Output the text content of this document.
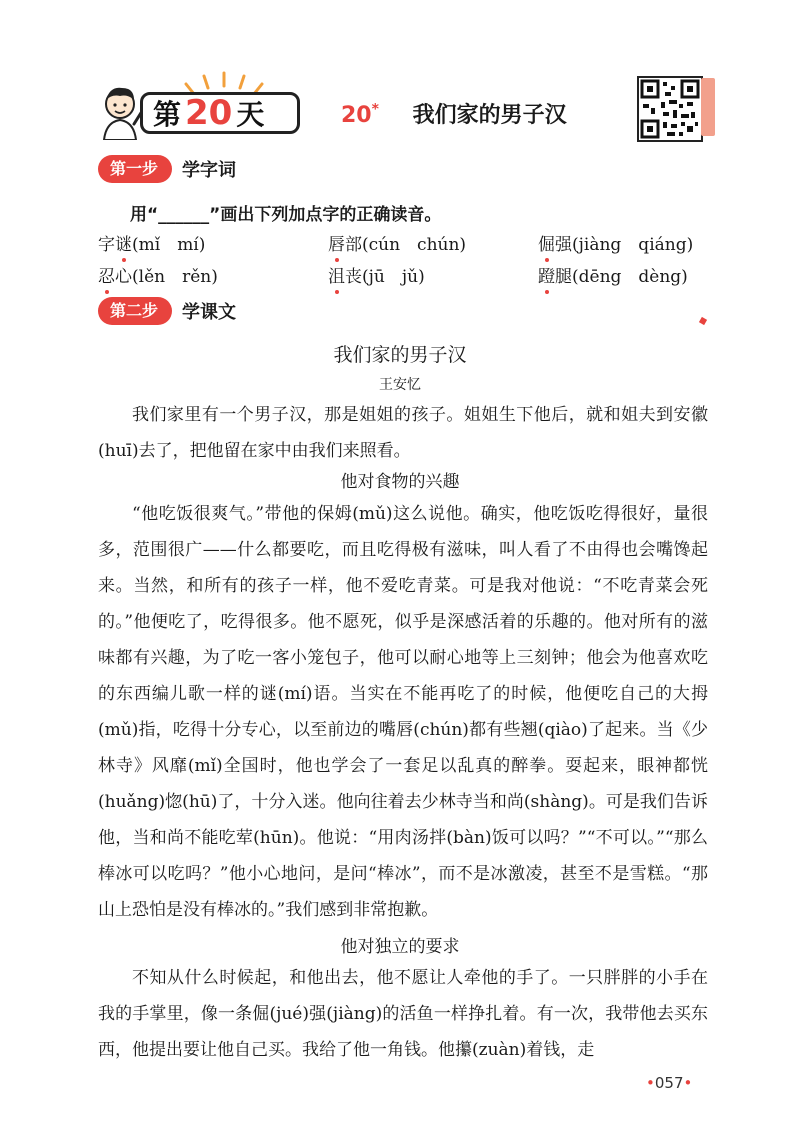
第 20 天	20* 我们家的男子汉
第一步	学字词
用“______”画出下列加点字的正确读音。
字谜(mǐ　mí)	唇部(cún　chún)	倔强(jiàng　qiáng)
忍心(lěn　rěn)	沮丧(jū　jǔ)	蹬腿(dēng　dèng)
第二步	学课文
我们家的男子汉
王安忆
我们家里有一个男子汉，那是姐姐的孩子。姐姐生下他后，就和姐夫到安徽(huī)去了，把他留在家中由我们来照看。
他对食物的兴趣
“他吃饭很爽气。”带他的保姆(mǔ)这么说他。确实，他吃饭吃得很好，量很多，范围很广——什么都要吃，而且吃得极有滋味，叫人看了不由得也会嘴馋起来。当然，和所有的孩子一样，他不爱吃青菜。可是我对他说：“不吃青菜会死的。”他便吃了，吃得很多。他不愿死，似乎是深感活着的乐趣的。他对所有的滋味都有兴趣，为了吃一客小笼包子，他可以耐心地等上三刻钟；他会为他喜欢吃的东西编儿歌一样的谜(mí)语。当实在不能再吃了的时候，他便吃自己的大拇(mǔ)指，吃得十分专心，以至前边的嘴唇(chún)都有些翘(qiào)了起来。当《少林寺》风靡(mǐ)全国时，他也学会了一套足以乱真的醉拳。耍起来，眼神都恍(huǎng)惚(hū)了，十分入迷。他向往着去少林寺当和尚(shàng)。可是我们告诉他，当和尚不能吃荤(hūn)。他说：“用肉汤拌(bàn)饭可以吗？”“不可以。”“那么棒冰可以吃吗？”他小心地问，是问“棒冰”，而不是冰激凌，甚至不是雪糕。“那山上恐怕是没有棒冰的。”我们感到非常抱歉。
他对独立的要求
不知从什么时候起，和他出去，他不愿让人牵他的手了。一只胖胖的小手在我的手掌里，像一条倔(jué)强(jiàng)的活鱼一样挣扎着。有一次，我带他去买东西，他提出要让他自己买。我给了他一角钱。他攥(zuàn)着钱，走
•057•
